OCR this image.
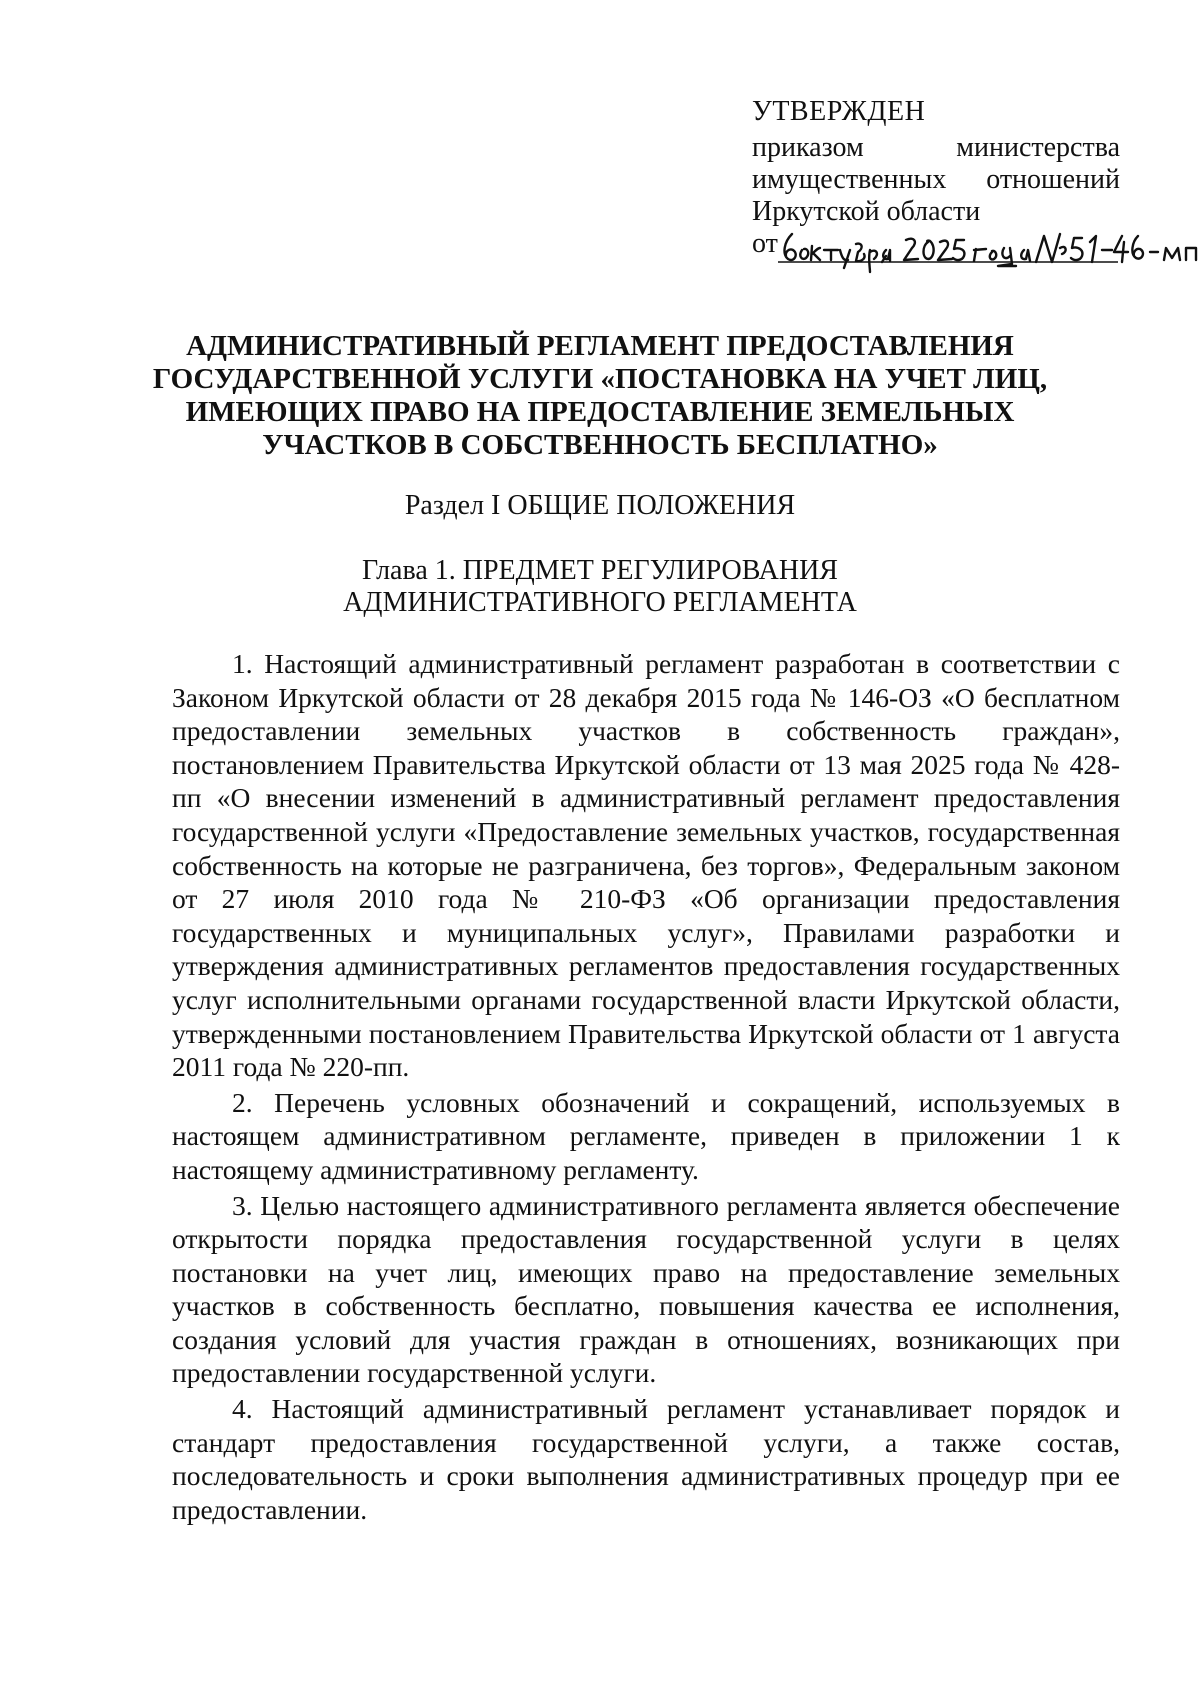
УТВЕРЖДЕН
приказом министерства
имущественных отношений
Иркутской области
от
АДМИНИСТРАТИВНЫЙ РЕГЛАМЕНТ ПРЕДОСТАВЛЕНИЯ ГОСУДАРСТВЕННОЙ УСЛУГИ «ПОСТАНОВКА НА УЧЕТ ЛИЦ, ИМЕЮЩИХ ПРАВО НА ПРЕДОСТАВЛЕНИЕ ЗЕМЕЛЬНЫХ УЧАСТКОВ В СОБСТВЕННОСТЬ БЕСПЛАТНО»
Раздел I ОБЩИЕ ПОЛОЖЕНИЯ
Глава 1. ПРЕДМЕТ РЕГУЛИРОВАНИЯ АДМИНИСТРАТИВНОГО РЕГЛАМЕНТА

1. Настоящий административный регламент разработан в соответствии с Законом Иркутской области от 28 декабря 2015 года № 146-ОЗ «О бесплатном предоставлении земельных участков в собственность граждан», постановлением Правительства Иркутской области от 13 мая 2025 года № 428-пп «О внесении изменений в административный регламент предоставления государственной услуги «Предоставление земельных участков, государственная собственность на которые не разграничена, без торгов», Федеральным законом от 27 июля 2010 года № 210-ФЗ «Об организации предоставления государственных и муниципальных услуг», Правилами разработки и утверждения административных регламентов предоставления государственных услуг исполнительными органами государственной власти Иркутской области, утвержденными постановлением Правительства Иркутской области от 1 августа 2011 года № 220-пп.

2. Перечень условных обозначений и сокращений, используемых в настоящем административном регламенте, приведен в приложении 1 к настоящему административному регламенту.

3. Целью настоящего административного регламента является обеспечение открытости порядка предоставления государственной услуги в целях постановки на учет лиц, имеющих право на предоставление земельных участков в собственность бесплатно, повышения качества ее исполнения, создания условий для участия граждан в отношениях, возникающих при предоставлении государственной услуги.

4. Настоящий административный регламент устанавливает порядок и стандарт предоставления государственной услуги, а также состав, последовательность и сроки выполнения административных процедур при ее предоставлении.
